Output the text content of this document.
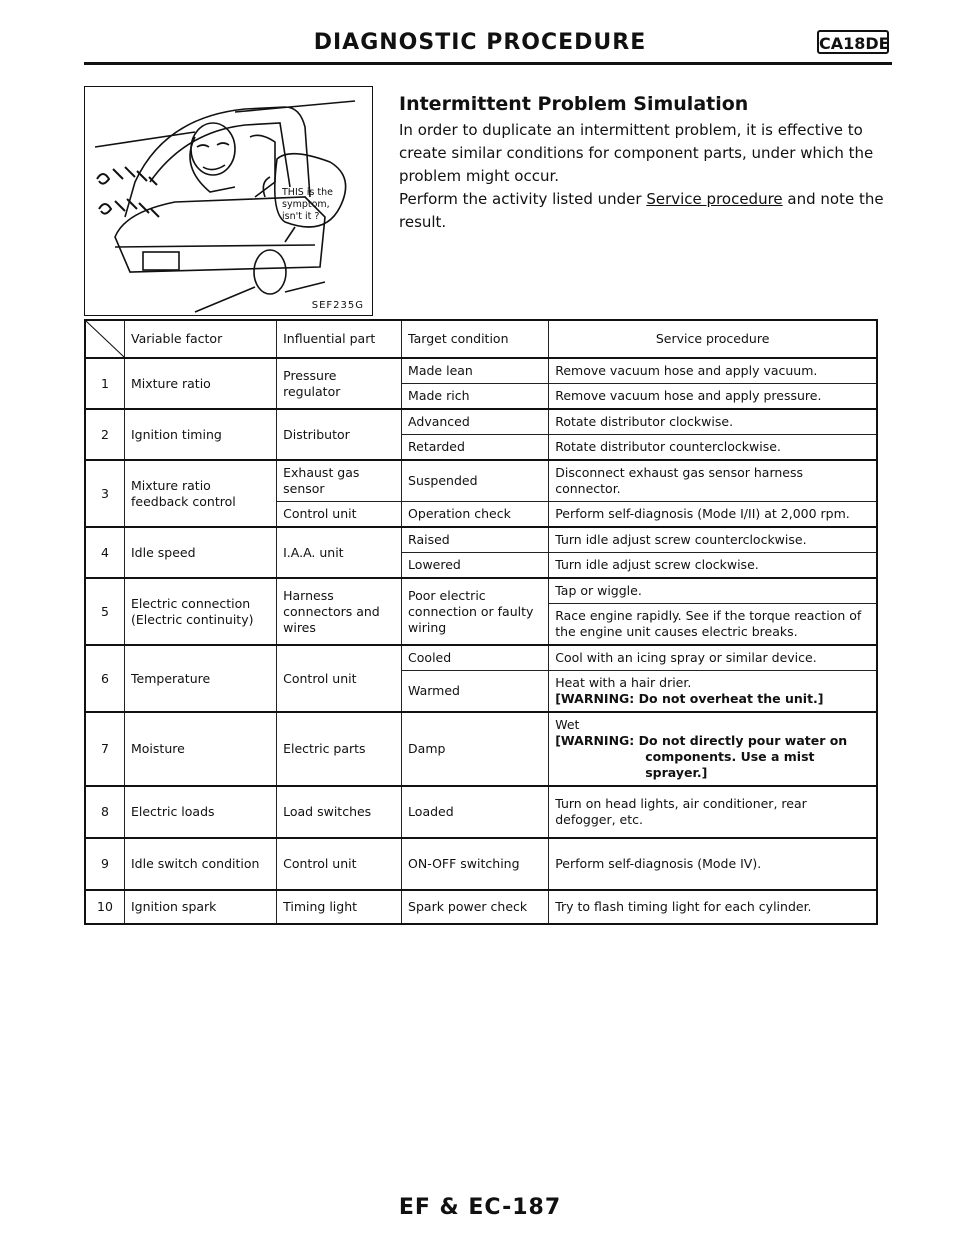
DIAGNOSTIC PROCEDURE	CA18DE
THIS is the
symptom,
isn't it ?
SEF235G
Intermittent Problem Simulation

In order to duplicate an intermittent problem, it is effective to create similar conditions for component parts, under which the problem might occur.

Perform the activity listed under Service procedure and note the result.

	Variable factor	Influential part	Target condition	Service procedure
1	Mixture ratio	Pressure regulator	Made lean	Remove vacuum hose and apply vacuum.
			Made rich	Remove vacuum hose and apply pressure.
2	Ignition timing	Distributor	Advanced	Rotate distributor clockwise.
			Retarded	Rotate distributor counterclockwise.
3	Mixture ratio feedback control	Exhaust gas sensor	Suspended	Disconnect exhaust gas sensor harness connector.
		Control unit	Operation check	Perform self-diagnosis (Mode I/II) at 2,000 rpm.
4	Idle speed	I.A.A. unit	Raised	Turn idle adjust screw counterclockwise.
			Lowered	Turn idle adjust screw clockwise.
5	Electric connection (Electric continuity)	Harness connectors and wires	Poor electric connection or faulty wiring	Tap or wiggle.
				Race engine rapidly. See if the torque reaction of the engine unit causes electric breaks.
6	Temperature	Control unit	Cooled	Cool with an icing spray or similar device.
			Warmed	Heat with a hair drier.
[WARNING: Do not overheat the unit.]

7	Moisture	Electric parts	Damp	Wet
[WARNING: Do not directly pour water on
components. Use a mist sprayer.]

8	Electric loads	Load switches	Loaded	Turn on head lights, air conditioner, rear defogger, etc.
9	Idle switch condition	Control unit	ON-OFF switching	Perform self-diagnosis (Mode IV).
10	Ignition spark	Timing light	Spark power check	Try to flash timing light for each cylinder.
EF & EC-187
